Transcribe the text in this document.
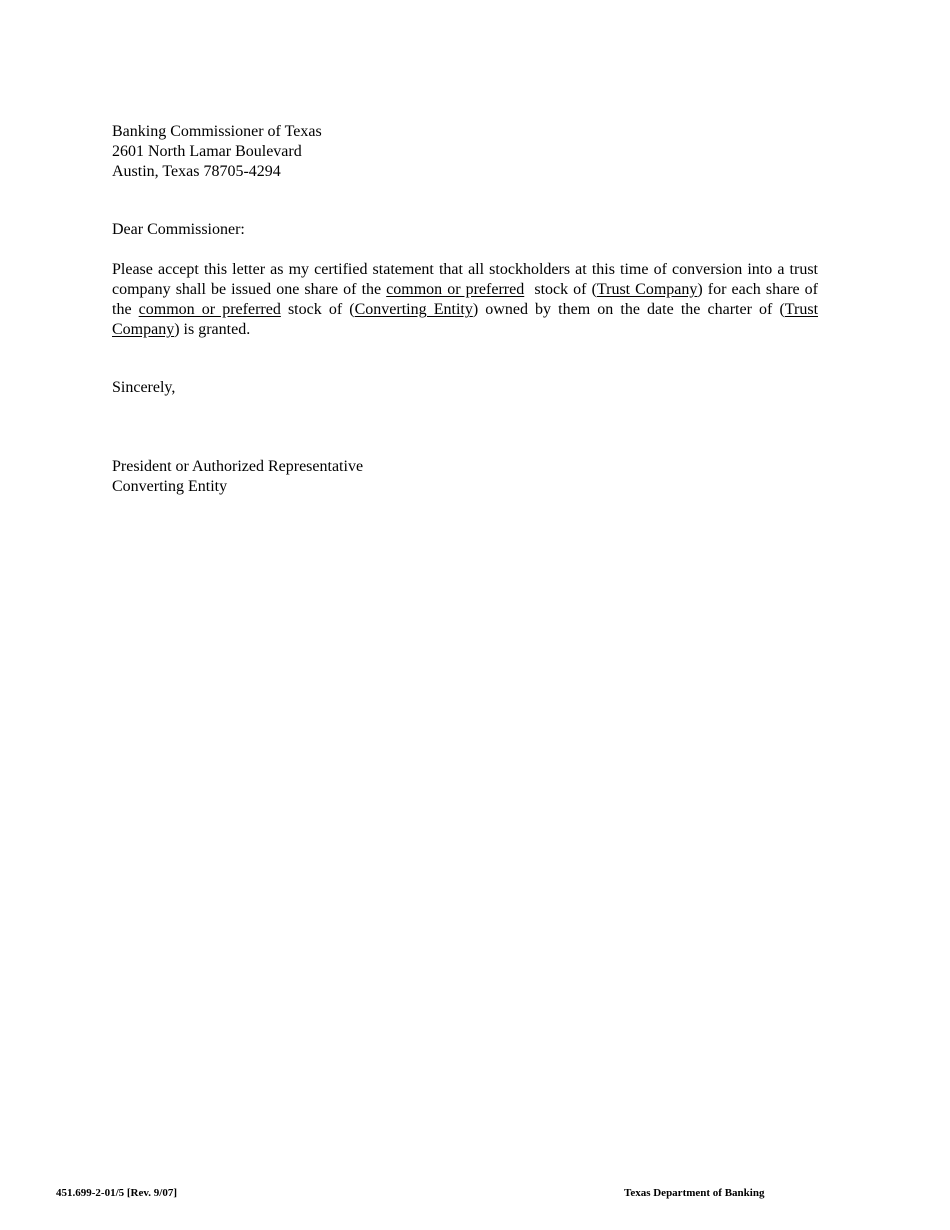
Banking Commissioner of Texas
2601 North Lamar Boulevard
Austin, Texas 78705-4294
Dear Commissioner:
Please accept this letter as my certified statement that all stockholders at this time of conversion into a trust company shall be issued one share of the common or preferred  stock of (Trust Company) for each share of the common or preferred stock of (Converting Entity) owned by them on the date the charter of (Trust Company) is granted.
Sincerely,
President or Authorized Representative
Converting Entity
451.699-2-01/5 [Rev. 9/07]	Texas Department of Banking
